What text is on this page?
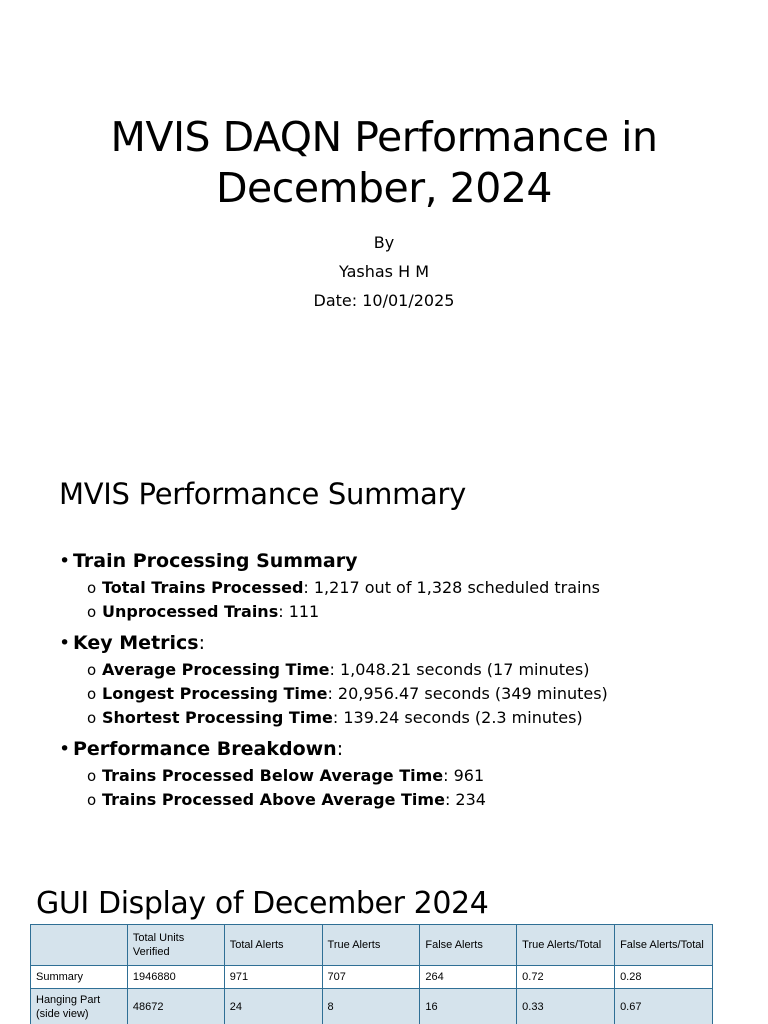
MVIS DAQN Performance in
December, 2024
By
Yashas H M
Date: 10/01/2025
MVIS Performance Summary
• Train Processing Summary
o Total Trains Processed: 1,217 out of 1,328 scheduled trains
o Unprocessed Trains: 111
• Key Metrics :
o Average Processing Time: 1,048.21 seconds (17 minutes)
o Longest Processing Time: 20,956.47 seconds (349 minutes)
o Shortest Processing Time: 139.24 seconds (2.3 minutes)
• Performance Breakdown :
o Trains Processed Below Average Time: 961
o Trains Processed Above Average Time: 234
GUI Display of December 2024
	Total Units Verified	Total Alerts	True Alerts	False Alerts	True Alerts/Total	False Alerts/Total
Summary	1946880	971	707	264	0.72	0.28
Hanging Part (side view)	48672	24	8	16	0.33	0.67
